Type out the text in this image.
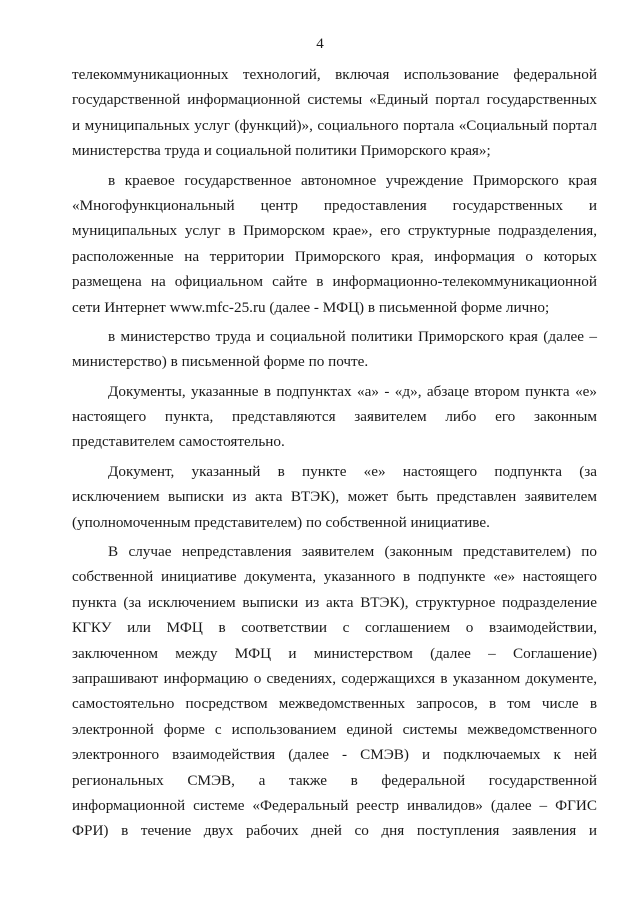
4

телекоммуникационных технологий, включая использование федеральной
государственной информационной системы «Единый портал государственных
и муниципальных услуг (функций)», социального портала «Социальный портал
министерства труда и социальной политики Приморского края»;

в краевое государственное автономное учреждение Приморского края
«Многофункциональный центр предоставления государственных и
муниципальных услуг в Приморском крае», его структурные подразделения,
расположенные на территории Приморского края, информация о которых
размещена на официальном сайте в информационно-телекоммуникационной
сети Интернет www.mfc-25.ru (далее - МФЦ) в письменной форме лично;

в министерство труда и социальной политики Приморского края (далее –
министерство) в письменной форме по почте.

Документы, указанные в подпунктах «а» - «д», абзаце втором пункта «е»
настоящего пункта, представляются заявителем либо его законным
представителем самостоятельно.

Документ, указанный в пункте «е» настоящего подпункта (за
исключением выписки из акта ВТЭК), может быть представлен заявителем
(уполномоченным представителем) по собственной инициативе.

В случае непредставления заявителем (законным представителем) по
собственной инициативе документа, указанного в подпункте «е» настоящего
пункта (за исключением выписки из акта ВТЭК), структурное подразделение
КГКУ или МФЦ в соответствии с соглашением о взаимодействии,
заключенном между МФЦ и министерством (далее – Соглашение)
запрашивают информацию о сведениях, содержащихся в указанном документе,
самостоятельно посредством межведомственных запросов, в том числе в
электронной форме с использованием единой системы межведомственного
электронного взаимодействия (далее - СМЭВ) и подключаемых к ней
региональных СМЭВ, а также в федеральной государственной
информационной системе «Федеральный реестр инвалидов» (далее – ФГИС
ФРИ) в течение двух рабочих дней со дня поступления заявления и
